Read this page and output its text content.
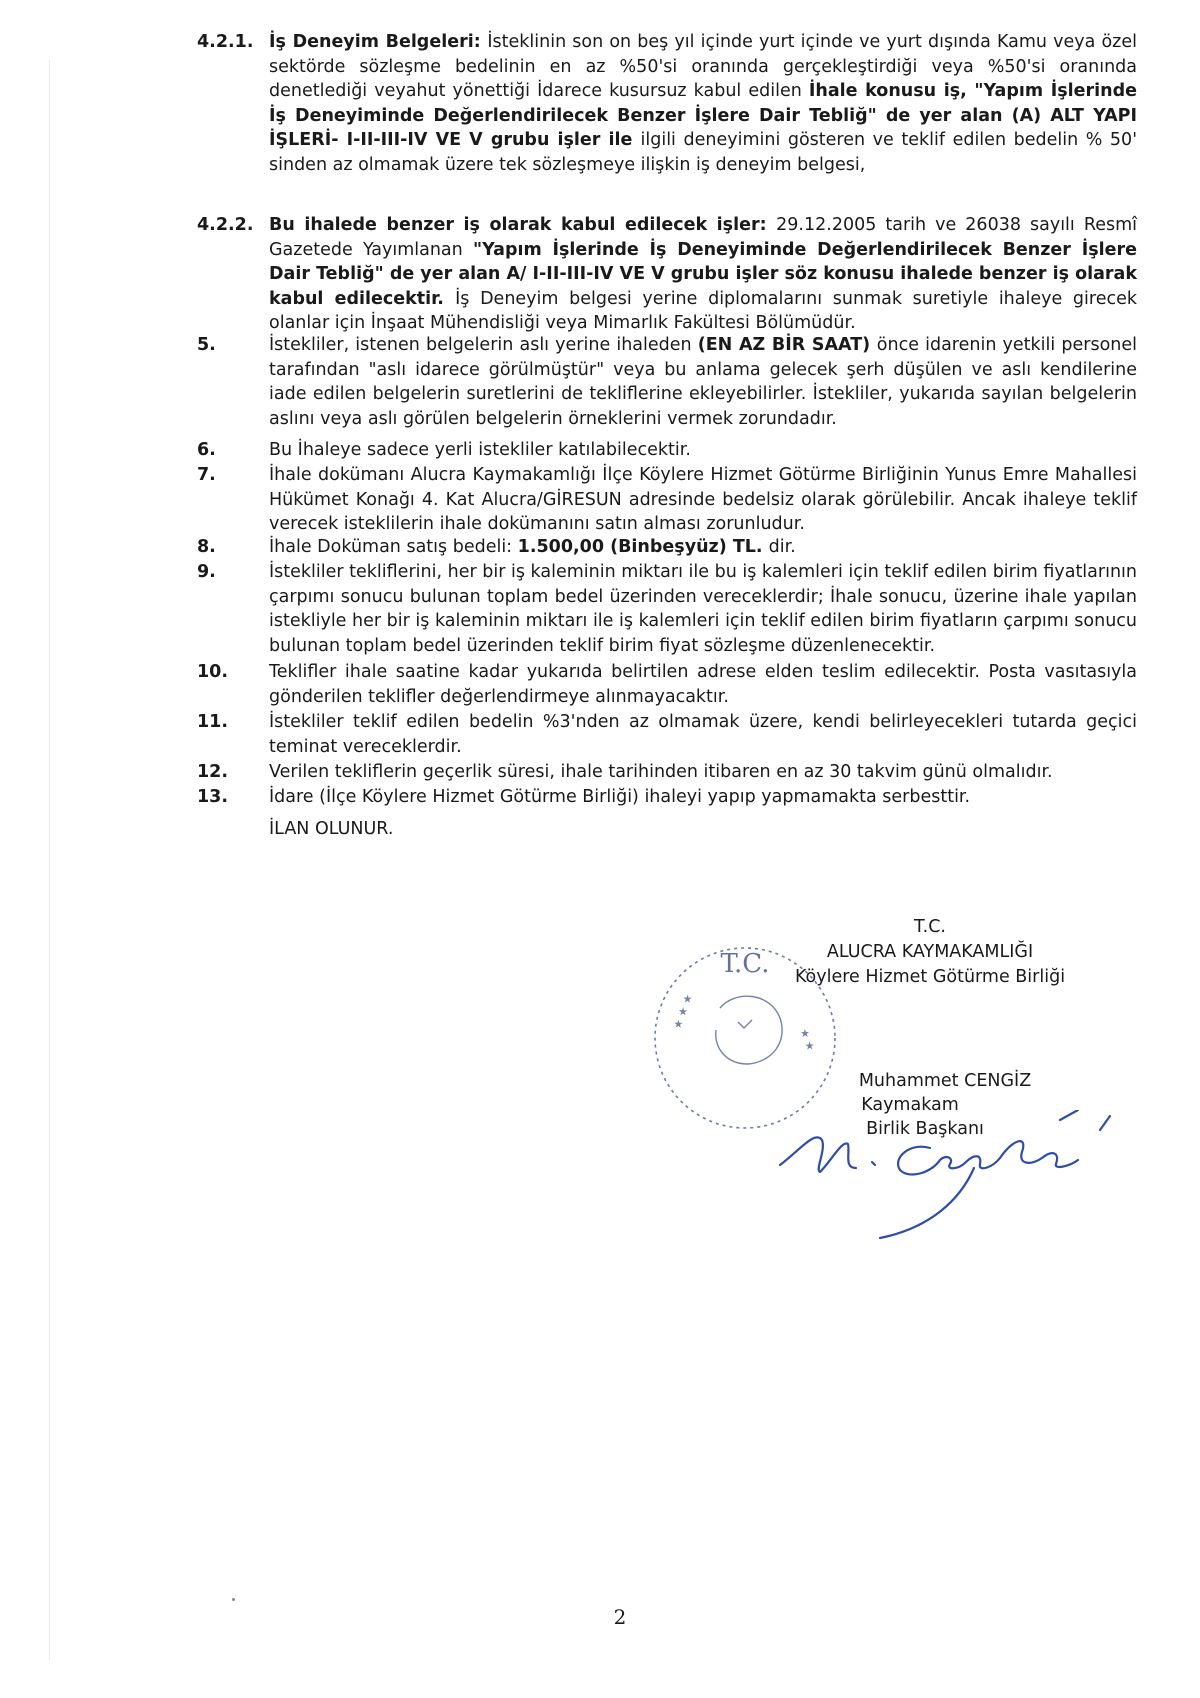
4.2.1. İş Deneyim Belgeleri: İsteklinin son on beş yıl içinde yurt içinde ve yurt dışında Kamu veya özel sektörde sözleşme bedelinin en az %50'si oranında gerçekleştirdiği veya %50'si oranında denetlediği veyahut yönettiği İdarece kusursuz kabul edilen İhale konusu iş, "Yapım İşlerinde İş Deneyiminde Değerlendirilecek Benzer İşlere Dair Tebliğ" de yer alan (A) ALT YAPI İŞLERİ- I-II-III-IV VE V grubu işler ile ilgili deneyimini gösteren ve teklif edilen bedelin % 50' sinden az olmamak üzere tek sözleşmeye ilişkin iş deneyim belgesi,
4.2.2. Bu ihalede benzer iş olarak kabul edilecek işler: 29.12.2005 tarih ve 26038 sayılı Resmî Gazetede Yayımlanan "Yapım İşlerinde İş Deneyiminde Değerlendirilecek Benzer İşlere Dair Tebliğ" de yer alan A/ I-II-III-IV VE V grubu işler söz konusu ihalede benzer iş olarak kabul edilecektir. İş Deneyim belgesi yerine diplomalarını sunmak suretiyle ihaleye girecek olanlar için İnşaat Mühendisliği veya Mimarlık Fakültesi Bölümüdür.
5.	İstekliler, istenen belgelerin aslı yerine ihaleden (EN AZ BİR SAAT) önce idarenin yetkili personel tarafından "aslı idarece görülmüştür" veya bu anlama gelecek şerh düşülen ve aslı kendilerine iade edilen belgelerin suretlerini de tekliflerine ekleyebilirler. İstekliler, yukarıda sayılan belgelerin aslını veya aslı görülen belgelerin örneklerini vermek zorundadır.
6.	Bu İhaleye sadece yerli istekliler katılabilecektir.
7.	İhale dokümanı Alucra Kaymakamlığı İlçe Köylere Hizmet Götürme Birliğinin Yunus Emre Mahallesi Hükümet Konağı 4. Kat Alucra/GİRESUN adresinde bedelsiz olarak görülebilir. Ancak ihaleye teklif verecek isteklilerin ihale dokümanını satın alması zorunludur.
8.	İhale Doküman satış bedeli: 1.500,00 (Binbeşyüz) TL. dir.
9.	İstekliler tekliflerini, her bir iş kaleminin miktarı ile bu iş kalemleri için teklif edilen birim fiyatlarının çarpımı sonucu bulunan toplam bedel üzerinden vereceklerdir; İhale sonucu, üzerine ihale yapılan istekliyle her bir iş kaleminin miktarı ile iş kalemleri için teklif edilen birim fiyatların çarpımı sonucu bulunan toplam bedel üzerinden teklif birim fiyat sözleşme düzenlenecektir.
10. Teklifler ihale saatine kadar yukarıda belirtilen adrese elden teslim edilecektir. Posta vasıtasıyla gönderilen teklifler değerlendirmeye alınmayacaktır.
11. İstekliler teklif edilen bedelin %3'nden az olmamak üzere, kendi belirleyecekleri tutarda geçici teminat vereceklerdir.
12. Verilen tekliflerin geçerlik süresi, ihale tarihinden itibaren en az 30 takvim günü olmalıdır.
13. İdare (İlçe Köylere Hizmet Götürme Birliği) ihaleyi yapıp yapmamakta serbesttir.
İLAN OLUNUR.
T.C.
★ ★ ★
★ ★
T.C.
ALUCRA KAYMAKAMLIĞI
Köylere Hizmet Götürme Birliği
Muhammet CENGİZ
Kaymakam
Birlik Başkanı
2
